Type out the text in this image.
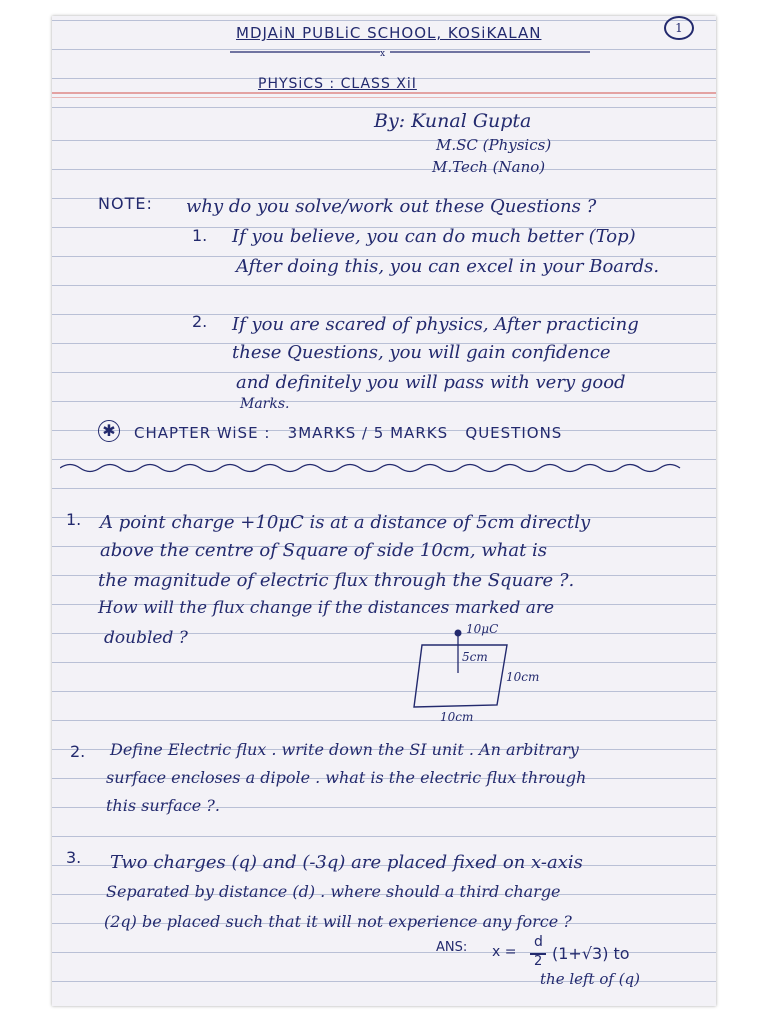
1
MDJAiN PUBLiC SCHOOL, KOSiKALAN
x
PHYSiCS : CLASS XiI
By: Kunal Gupta
M.SC (Physics)
M.Tech (Nano)
NOTE: why do you solve/work out these Questions ?
1. If you believe, you can do much better (Top)
After doing this, you can excel in your Boards.
2. If you are scared of physics, After practicing
these Questions, you will gain confidence
and definitely you will pass with very good
Marks.
✱ CHAPTER WiSE :   3MARKS / 5 MARKS   QUESTIONS
1. A point charge +10μC is at a distance of 5cm directly
above the centre of Square of side 10cm, what is
the magnitude of electric flux through the Square ?.
How will the flux change if the distances marked are
doubled ?	10μC
5cm
10cm
10cm
2. Define Electric flux . write down the SI unit . An arbitrary
surface encloses a dipole . what is the electric flux through
this surface ?.
3. Two charges (q) and (-3q) are placed fixed on x-axis
Separated by distance (d) . where should a third charge
(2q) be placed such that it will not experience any force ?
ANS: x =
d
2 (1+√3) to
the left of (q)
